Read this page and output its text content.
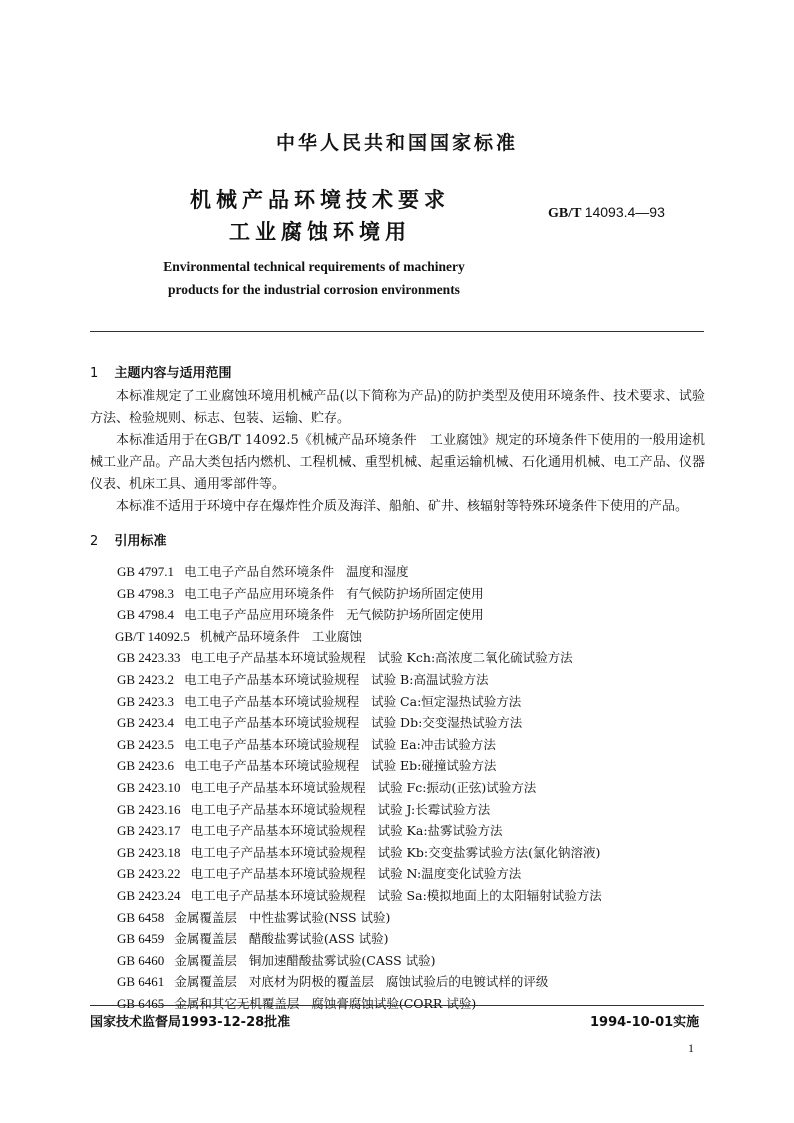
中华人民共和国国家标准
机械产品环境技术要求
工业腐蚀环境用
GB/T 14093.4—93
Environmental technical requirements of machinery
products for the industrial corrosion environments
1 主题内容与适用范围

本标准规定了工业腐蚀环境用机械产品(以下简称为产品)的防护类型及使用环境条件、技术要求、试验方法、检验规则、标志、包装、运输、贮存。

本标准适用于在GB/T 14092.5《机械产品环境条件　工业腐蚀》规定的环境条件下使用的一般用途机械工业产品。产品大类包括内燃机、工程机械、重型机械、起重运输机械、石化通用机械、电工产品、仪器仪表、机床工具、通用零部件等。

本标准不适用于环境中存在爆炸性介质及海洋、船舶、矿井、核辐射等特殊环境条件下使用的产品。

2 引用标准
GB 4797.1 电工电子产品自然环境条件 温度和湿度
GB 4798.3 电工电子产品应用环境条件 有气候防护场所固定使用
GB 4798.4 电工电子产品应用环境条件 无气候防护场所固定使用
GB/T 14092.5 机械产品环境条件 工业腐蚀
GB 2423.33 电工电子产品基本环境试验规程 试验 Kch:高浓度二氧化硫试验方法
GB 2423.2 电工电子产品基本环境试验规程 试验 B:高温试验方法
GB 2423.3 电工电子产品基本环境试验规程 试验 Ca:恒定湿热试验方法
GB 2423.4 电工电子产品基本环境试验规程 试验 Db:交变湿热试验方法
GB 2423.5 电工电子产品基本环境试验规程 试验 Ea:冲击试验方法
GB 2423.6 电工电子产品基本环境试验规程 试验 Eb:碰撞试验方法
GB 2423.10 电工电子产品基本环境试验规程 试验 Fc:振动(正弦)试验方法
GB 2423.16 电工电子产品基本环境试验规程 试验 J:长霉试验方法
GB 2423.17 电工电子产品基本环境试验规程 试验 Ka:盐雾试验方法
GB 2423.18 电工电子产品基本环境试验规程 试验 Kb:交变盐雾试验方法(氯化钠溶液)
GB 2423.22 电工电子产品基本环境试验规程 试验 N:温度变化试验方法
GB 2423.24 电工电子产品基本环境试验规程 试验 Sa:模拟地面上的太阳辐射试验方法
GB 6458 金属覆盖层 中性盐雾试验(NSS 试验)
GB 6459 金属覆盖层 醋酸盐雾试验(ASS 试验)
GB 6460 金属覆盖层 铜加速醋酸盐雾试验(CASS 试验)
GB 6461 金属覆盖层 对底材为阴极的覆盖层 腐蚀试验后的电镀试样的评级
GB 6465 金属和其它无机覆盖层 腐蚀膏腐蚀试验(CORR 试验)
国家技术监督局1993-12-28批准	1994-10-01实施
1
